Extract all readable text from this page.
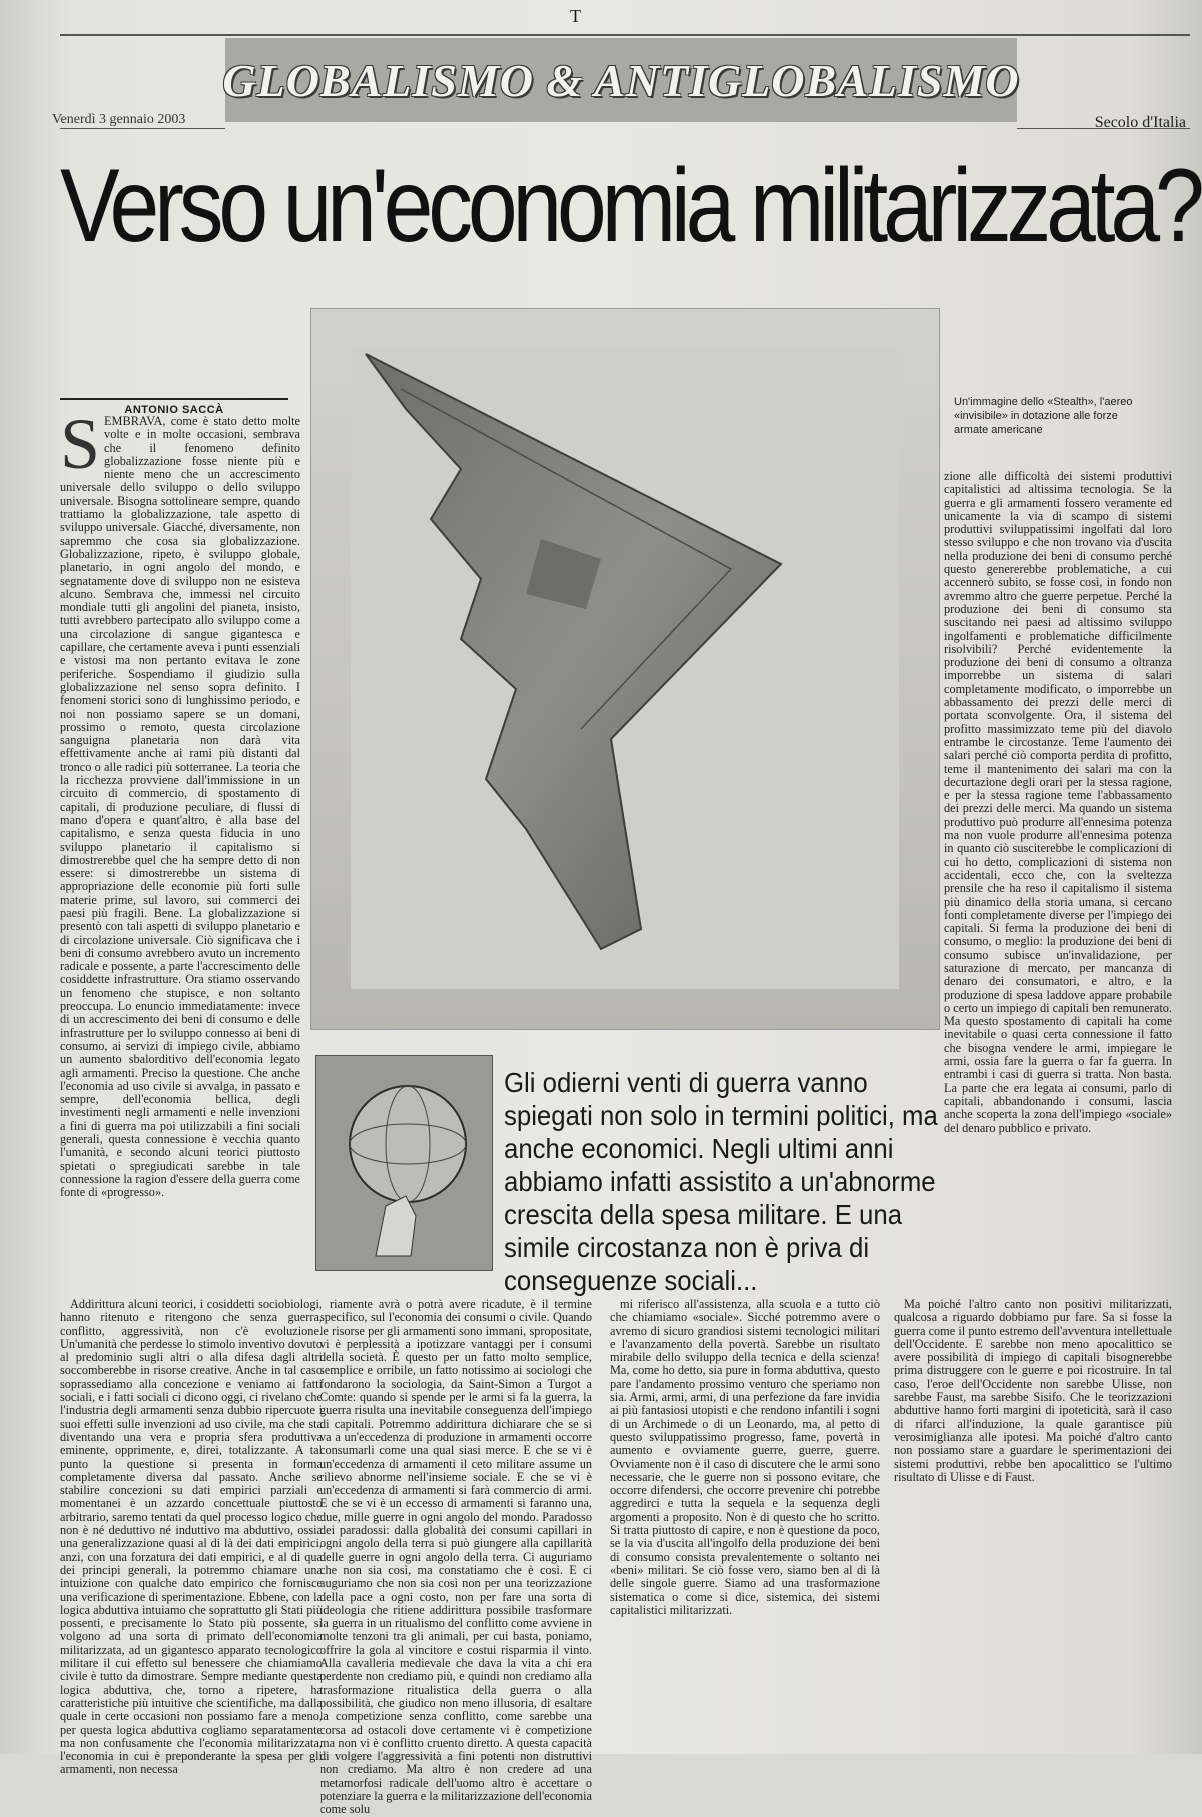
T
GLOBALISMO & ANTIGLOBALISMO
Venerdì 3 gennaio 2003	Secolo d'Italia
Verso un'economia militarizzata?
ANTONIO SACCÀ
S EMBRAVA, come è stato detto molte volte e in molte occasioni, sembrava che il fenomeno definito globalizzazione fosse niente più e niente meno che un accrescimento universale dello sviluppo o dello sviluppo universale. Bisogna sottolineare sempre, quando trattiamo la globalizzazione, tale aspetto di sviluppo universale. Giacché, diversamente, non sapremmo che cosa sia globalizzazione. Globalizzazione, ripeto, è sviluppo globale, planetario, in ogni angolo del mondo, e segnatamente dove di sviluppo non ne esisteva alcuno. Sembrava che, immessi nel circuito mondiale tutti gli angolini del pianeta, insisto, tutti avrebbero partecipato allo sviluppo come a una circolazione di sangue gigantesca e capillare, che certamente aveva i punti essenziali e vistosi ma non pertanto evitava le zone periferiche. Sospendiamo il giudizio sulla globalizzazione nel senso sopra definito. I fenomeni storici sono di lunghissimo periodo, e noi non possiamo sapere se un domani, prossimo o remoto, questa circolazione sanguigna planetaria non darà vita effettivamente anche ai rami più distanti dal tronco o alle radici più sotterranee. La teoria che la ricchezza provviene dall'immissione in un circuito di commercio, di spostamento di capitali, di produzione peculiare, di flussi di mano d'opera e quant'altro, è alla base del capitalismo, e senza questa fiducia in uno sviluppo planetario il capitalismo si dimostrerebbe quel che ha sempre detto di non essere: si dimostrerebbe un sistema di appropriazione delle economie più forti sulle materie prime, sul lavoro, sui commerci dei paesi più fragili. Bene. La globalizzazione si presentò con tali aspetti di sviluppo planetario e di circolazione universale. Ciò significava che i beni di consumo avrebbero avuto un incremento radicale e possente, a parte l'accrescimento delle cosiddette infrastrutture. Ora stiamo osservando un fenomeno che stupisce, e non soltanto preoccupa. Lo enuncio immediatamente: invece di un accrescimento dei beni di consumo e delle infrastrutture per lo sviluppo connesso ai beni di consumo, ai servizi di impiego civile, abbiamo un aumento sbalorditivo dell'economia legato agli armamenti. Preciso la questione. Che anche l'economia ad uso civile si avvalga, in passato e sempre, dell'economia bellica, degli investimenti negli armamenti e nelle invenzioni a fini di guerra ma poi utilizzabili a fini sociali generali, questa connessione è vecchia quanto l'umanità, e secondo alcuni teorici piuttosto spietati o spregiudicati sarebbe in tale connessione la ragion d'essere della guerra come fonte di «progresso».

Un'immagine dello «Stealth», l'aereo «invisibile» in dotazione alle forze armate americane

zione alle difficoltà dei sistemi produttivi capitalistici ad altissima tecnologia. Se la guerra e gli armamenti fossero veramente ed unicamente la via di scampo di sistemi produttivi sviluppatissimi ingolfati dal loro stesso sviluppo e che non trovano via d'uscita nella produzione dei beni di consumo perché questo genererebbe problematiche, a cui accennerò subito, se fosse così, in fondo non avremmo altro che guerre perpetue. Perché la produzione dei beni di consumo sta suscitando nei paesi ad altissimo sviluppo ingolfamenti e problematiche difficilmente risolvibili? Perché evidentemente la produzione dei beni di consumo a oltranza imporrebbe un sistema di salari completamente modificato, o imporrebbe un abbassamento dei prezzi delle merci di portata sconvolgente. Ora, il sistema del profitto massimizzato teme più del diavolo entrambe le circostanze. Teme l'aumento dei salari perché ciò comporta perdita di profitto, teme il mantenimento dei salari ma con la decurtazione degli orari per la stessa ragione, e per la stessa ragione teme l'abbassamento dei prezzi delle merci. Ma quando un sistema produttivo può produrre all'ennesima potenza ma non vuole produrre all'ennesima potenza in quanto ciò susciterebbe le complicazioni di cui ho detto, complicazioni di sistema non accidentali, ecco che, con la sveltezza prensile che ha reso il capitalismo il sistema più dinamico della storia umana, si cercano fonti completamente diverse per l'impiego dei capitali. Si ferma la produzione dei beni di consumo, o meglio: la produzione dei beni di consumo subisce un'invalidazione, per saturazione di mercato, per mancanza di denaro dei consumatori, e altro, e la produzione di spesa laddove appare probabile o certo un impiego di capitali ben remunerato. Ma questo spostamento di capitali ha come inevitabile o quasi certa connessione il fatto che bisogna vendere le armi, impiegare le armi, ossia fare la guerra o far fa guerra. In entrambi i casi di guerra si tratta. Non basta. La parte che era legata ai consumi, parlo di capitali, abbandonando i consumi, lascia anche scoperta la zona dell'impiego «sociale» del denaro pubblico e privato.

Gli odierni venti di guerra vanno spiegati non solo in termini politici, ma anche economici. Negli ultimi anni abbiamo infatti assistito a un'abnorme crescita della spesa militare. E una simile circostanza non è priva di conseguenze sociali...

Addirittura alcuni teorici, i cosiddetti sociobiologi, hanno ritenuto e ritengono che senza guerra, conflitto, aggressività, non c'è evoluzione. Un'umanità che perdesse lo stimolo inventivo dovuto al predominio sugli altri o alla difesa dagli altri soccomberebbe in risorse creative. Anche in tal caso soprassediamo alla concezione e veniamo ai fatti sociali, e i fatti sociali ci dicono oggi, ci rivelano che l'industria degli armamenti senza dubbio ripercuote i suoi effetti sulle invenzioni ad uso civile, ma che sta diventando una vera e propria sfera produttiva eminente, opprimente, e, direi, totalizzante. A tal punto la questione si presenta in forma completamente diversa dal passato. Anche se stabilire concezioni su dati empirici parziali e momentanei è un azzardo concettuale piuttosto arbitrario, saremo tentati da quel processo logico che non è né deduttivo né induttivo ma abduttivo, ossia una generalizzazione quasi al di là dei dati empirici, anzi, con una forzatura dei dati empirici, e al di qua dei principi generali, la potremmo chiamare una intuizione con qualche dato empirico che fornisce una verificazione di sperimentazione. Ebbene, con la logica abduttiva intuiamo che soprattutto gli Stati più possenti, e precisamente lo Stato più possente, si volgono ad una sorta di primato dell'economia militarizzata, ad un gigantesco apparato tecnologico militare il cui effetto sul benessere che chiamiamo civile è tutto da dimostrare. Sempre mediante questa logica abduttiva, che, torno a ripetere, ha caratteristiche più intuitive che scientifiche, ma dalla quale in certe occasioni non possiamo fare a meno, per questa logica abduttiva cogliamo separatamente ma non confusamente che l'economia militarizzata, l'economia in cui è preponderante la spesa per gli armamenti, non necessa

riamente avrà o potrà avere ricadute, è il termine specifico, sul l'economia dei consumi o civile. Quando le risorse per gli armamenti sono immani, spropositate, vi è perplessità a ipotizzare vantaggi per i consumi della società. È questo per un fatto molto semplice, semplice e orribile, un fatto notissimo ai sociologi che fondarono la sociologia, da Saint-Simon a Turgot a Comte: quando si spende per le armi si fa la guerra, la guerra risulta una inevitabile conseguenza dell'impiego di capitali. Potremmo addirittura dichiarare che se si va a un'eccedenza di produzione in armamenti occorre consumarli come una qual siasi merce. E che se vi è un'eccedenza di armamenti il ceto militare assume un rilievo abnorme nell'insieme sociale. E che se vi è un'eccedenza di armamenti si farà commercio di armi. E che se vi è un eccesso di armamenti si faranno una, due, mille guerre in ogni angolo del mondo. Paradosso dei paradossi: dalla globalità dei consumi capillari in ogni angolo della terra si può giungere alla capillarità delle guerre in ogni angolo della terra. Ci auguriamo che non sia così, ma constatiamo che è così. E ci auguriamo che non sia così non per una teorizzazione della pace a ogni costo, non per fare una sorta di ideologia che ritiene addirittura possibile trasformare la guerra in un ritualismo del conflitto come avviene in molte tenzoni tra gli animali, per cui basta, poniamo, offrire la gola al vincitore e costui risparmia il vinto. Alla cavalleria medievale che dava la vita a chi era perdente non crediamo più, e quindi non crediamo alla trasformazione ritualistica della guerra o alla possibilità, che giudico non meno illusoria, di esaltare la competizione senza conflitto, come sarebbe una corsa ad ostacoli dove certamente vi è competizione ma non vi è conflitto cruento diretto. A questa capacità di volgere l'aggressività a fini potenti non distruttivi non crediamo. Ma altro è non credere ad una metamorfosi radicale dell'uomo altro è accettare o potenziare la guerra e la militarizzazione dell'economia come solu

mi riferisco all'assistenza, alla scuola e a tutto ciò che chiamiamo «sociale». Sicché potremmo avere o avremo di sicuro grandiosi sistemi tecnologici militari e l'avanzamento della povertà. Sarebbe un risultato mirabile dello sviluppo della tecnica e della scienza! Ma, come ho detto, sia pure in forma abduttiva, questo pare l'andamento prossimo venturo che speriamo non sia. Armi, armi, armi, di una perfezione da fare invidia ai più fantasiosi utopisti e che rendono infantili i sogni di un Archimede o di un Leonardo, ma, al petto di questo sviluppatissimo progresso, fame, povertà in aumento e ovviamente guerre, guerre, guerre. Ovviamente non è il caso di discutere che le armi sono necessarie, che le guerre non si possono evitare, che occorre difendersi, che occorre prevenire chi potrebbe aggredirci e tutta la sequela e la sequenza degli argomenti a proposito. Non è di questo che ho scritto. Si tratta piuttosto di capire, e non è questione da poco, se la via d'uscita all'ingolfo della produzione dei beni di consumo consista prevalentemente o soltanto nei «beni» militari. Se ciò fosse vero, siamo ben al di là delle singole guerre. Siamo ad una trasformazione sistematica o come si dice, sistemica, dei sistemi capitalistici militarizzati.

Ma poiché l'altro canto non positivi militarizzati, qualcosa a riguardo dobbiamo pur fare. Sa si fosse la guerra come il punto estremo dell'avventura intellettuale dell'Occidente. E sarebbe non meno apocalittico se avere possibilità di impiego di capitali bisognerebbe prima distruggere con le guerre e poi ricostruire. In tal caso, l'eroe dell'Occidente non sarebbe Ulisse, non sarebbe Faust, ma sarebbe Sisifo. Che le teorizzazioni abduttive hanno forti margini di ipoteticità, sarà il caso di rifarci all'induzione, la quale garantisce più verosimiglianza alle ipotesi. Ma poiché d'altro canto non possiamo stare a guardare le sperimentazioni dei sistemi produttivi, rebbe ben apocalittico se l'ultimo risultato di Ulisse e di Faust.
